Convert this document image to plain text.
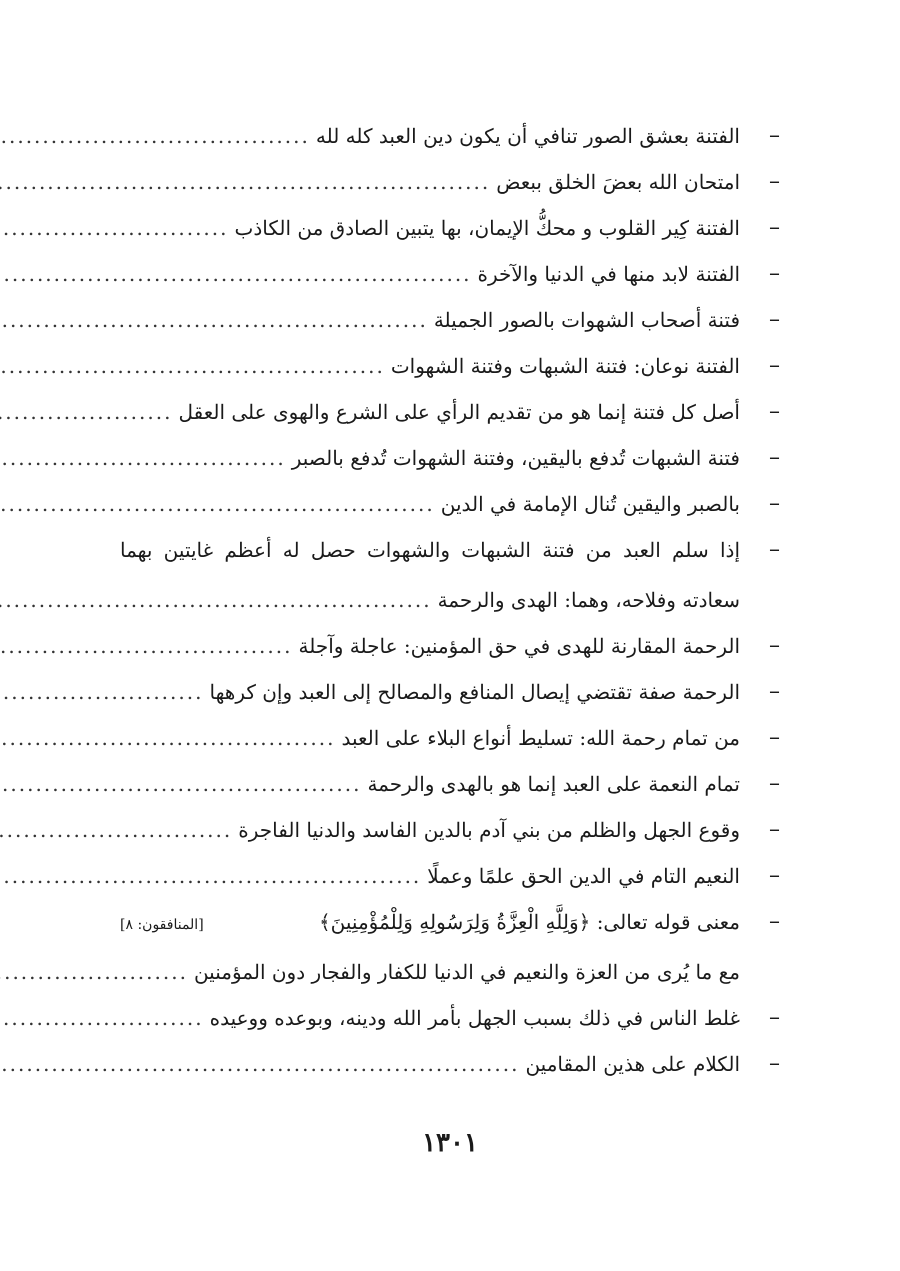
–
الفتنة بعشق الصور تنافي أن يكون دين العبد كله لله
.....
–
امتحان الله بعضَ الخلق ببعض
.....
–
الفتنة كِير القلوب و محكُّ الإيمان، بها يتبين الصادق من الكاذب
.....
–
الفتنة لابد منها في الدنيا والآخرة
.....
–
فتنة أصحاب الشهوات بالصور الجميلة
.....
–
الفتنة نوعان: فتنة الشبهات وفتنة الشهوات
.....
–
أصل كل فتنة إنما هو من تقديم الرأي على الشرع والهوى على العقل
.....
–
فتنة الشبهات تُدفع باليقين، وفتنة الشهوات تُدفع بالصبر
.....
–
بالصبر واليقين تُنال الإمامة في الدين
.....
–
إذا سلم العبد من فتنة الشبهات والشهوات حصل له أعظم غايتين بهما
سعادته وفلاحه، وهما: الهدى والرحمة
.....
–
الرحمة المقارنة للهدى في حق المؤمنين: عاجلة وآجلة
.....
–
الرحمة صفة تقتضي إيصال المنافع والمصالح إلى العبد وإن كرهها
.....
–
من تمام رحمة الله: تسليط أنواع البلاء على العبد
.....
–
تمام النعمة على العبد إنما هو بالهدى والرحمة
.....
–
وقوع الجهل والظلم من بني آدم بالدين الفاسد والدنيا الفاجرة
.....
–
النعيم التام في الدين الحق علمًا وعملًا
.....
–
معنى قوله تعالى: ﴿وَلِلَّهِ الْعِزَّةُ وَلِرَسُولِهِ وَلِلْمُؤْمِنِينَ﴾
[المنافقون: ٨]
مع ما يُرى من العزة والنعيم في الدنيا للكفار والفجار دون المؤمنين
.....
–
غلط الناس في ذلك بسبب الجهل بأمر الله ودينه، وبوعده ووعيده
.....
–
الكلام على هذين المقامين
.....
١٣٠١
